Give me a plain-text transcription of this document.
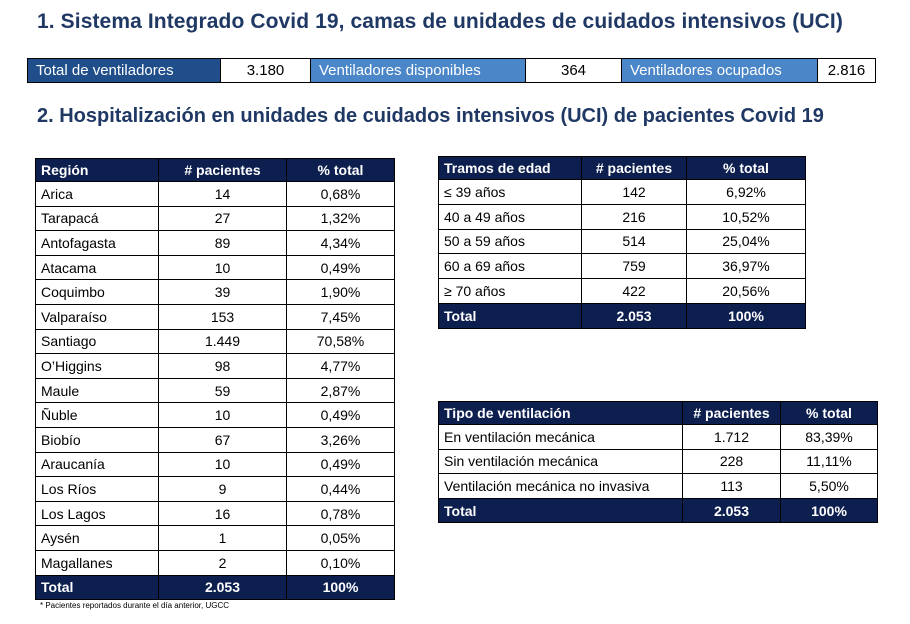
1. Sistema Integrado Covid 19, camas de unidades de cuidados intensivos (UCI)
Total de ventiladores	3.180	Ventiladores disponibles	364	Ventiladores ocupados	2.816
2. Hospitalización en unidades de cuidados intensivos (UCI) de pacientes Covid 19
Región	# pacientes	% total
Arica	14	0,68%
Tarapacá	27	1,32%
Antofagasta	89	4,34%
Atacama	10	0,49%
Coquimbo	39	1,90%
Valparaíso	153	7,45%
Santiago	1.449	70,58%
O’Higgins	98	4,77%
Maule	59	2,87%
Ñuble	10	0,49%
Biobío	67	3,26%
Araucanía	10	0,49%
Los Ríos	9	0,44%
Los Lagos	16	0,78%
Aysén	1	0,05%
Magallanes	2	0,10%
Total	2.053	100%
Tramos de edad	# pacientes	% total
≤ 39 años	142	6,92%
40 a 49 años	216	10,52%
50 a 59 años	514	25,04%
60 a 69 años	759	36,97%
≥ 70 años	422	20,56%
Total	2.053	100%
Tipo de ventilación	# pacientes	% total
En ventilación mecánica	1.712	83,39%
Sin ventilación mecánica	228	11,11%
Ventilación mecánica no invasiva	113	5,50%
Total	2.053	100%
* Pacientes reportados durante el día anterior, UGCC
